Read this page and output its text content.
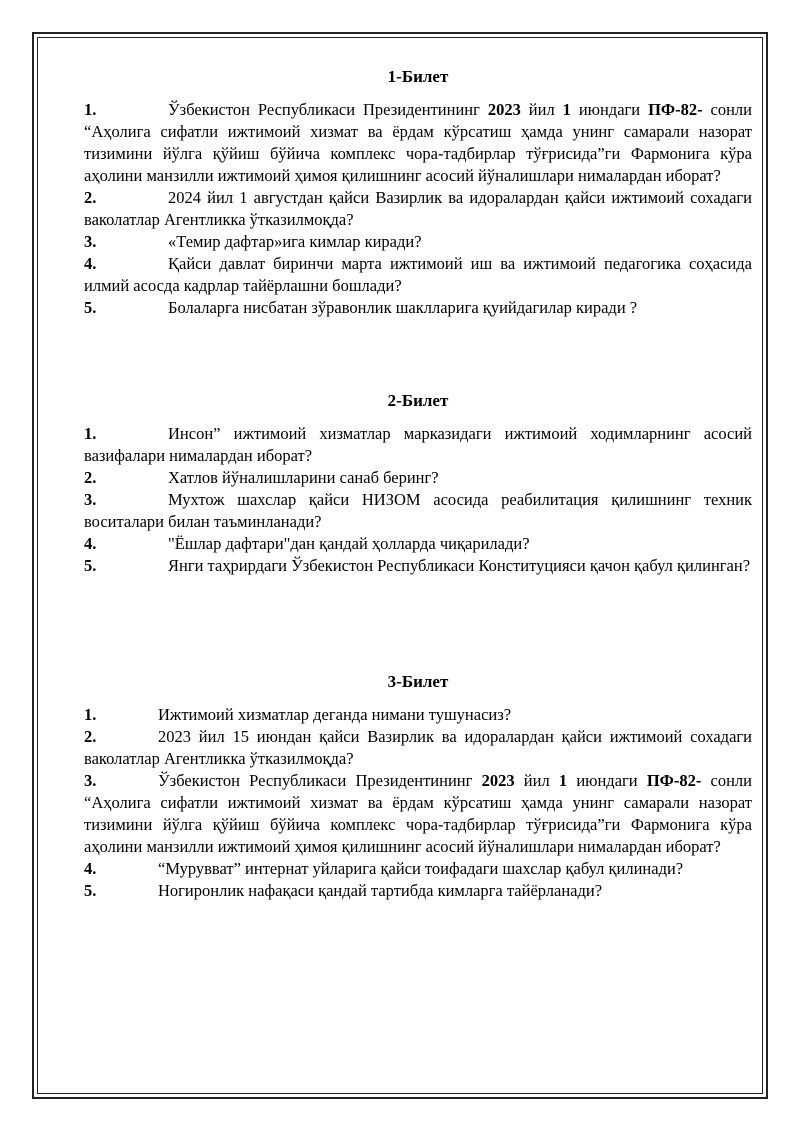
1-Билет

1.	Ўзбекистон Республикаси Президентининг 2023 йил 1 июндаги ПФ-82- сонли “Аҳолига сифатли ижтимоий хизмат ва ёрдам кўрсатиш ҳамда унинг самарали назорат тизимини йўлга қўйиш бўйича комплекс чора-тадбирлар тўғрисида”ги Фармонига кўра аҳолини манзилли ижтимоий ҳимоя қилишнинг асосий йўналишлари нималардан иборат?

2.	2024 йил 1 августдан қайси Вазирлик ва идоралардан қайси ижтимоий сохадаги ваколатлар Агентликка ўтказилмоқда?

3.	«Темир дафтар»ига кимлар киради?

4.	Қайси давлат биринчи марта ижтимоий иш ва ижтимоий педагогика соҳасида илмий асосда кадрлар тайёрлашни бошлади?

5.	Болаларга нисбатан зўравонлик шаклларига қуийдагилар киради ?

2-Билет

1.	Инсон” ижтимоий хизматлар марказидаги ижтимоий ходимларнинг асосий вазифалари нималардан иборат?

2.	Хатлов йўналишларини санаб беринг?

3.	Мухтож шахслар қайси НИЗОМ асосида реабилитация қилишнинг техник воситалари билан таъминланади?

4.	"Ёшлар дафтари"дан қандай ҳолларда чиқарилади?

5.	Янги таҳрирдаги Ўзбекистон Республикаси Конституцияси қачон қабул қилинган?

3-Билет

1.	Ижтимоий хизматлар деганда нимани тушунасиз?

2.	2023 йил 15 июндан қайси Вазирлик ва идоралардан қайси ижтимоий сохадаги ваколатлар Агентликка ўтказилмоқда?

3.	Ўзбекистон Республикаси Президентининг 2023 йил 1 июндаги ПФ-82- сонли “Аҳолига сифатли ижтимоий хизмат ва ёрдам кўрсатиш ҳамда унинг самарали назорат тизимини йўлга қўйиш бўйича комплекс чора-тадбирлар тўғрисида”ги Фармонига кўра аҳолини манзилли ижтимоий ҳимоя қилишнинг асосий йўналишлари нималардан иборат?

4.	“Мурувват” интернат уйларига қайси тоифадаги шахслар қабул қилинади?

5.	Ногиронлик нафақаси қандай тартибда кимларга тайёрланади?
